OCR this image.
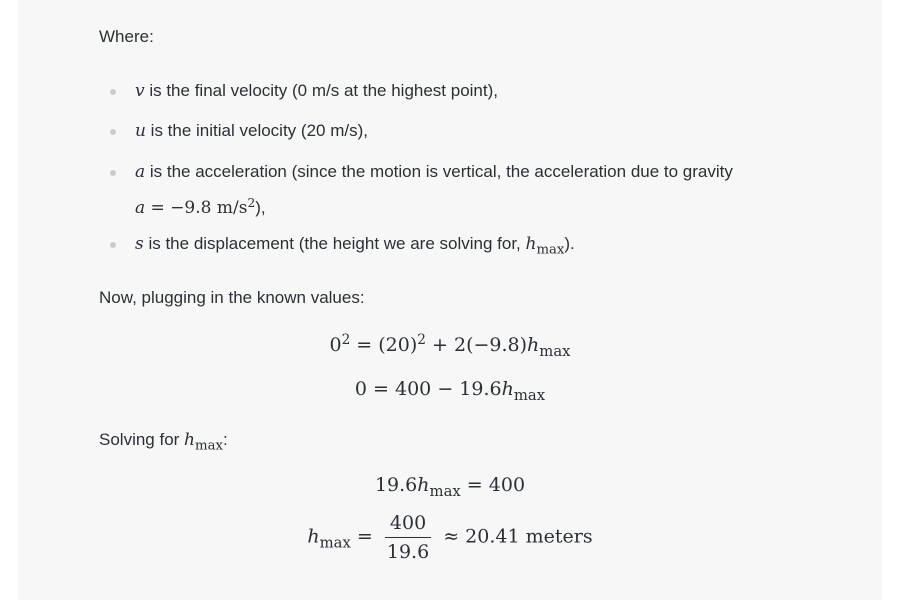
Where:
v is the final velocity (0 m/s at the highest point),
u is the initial velocity (20 m/s),
a is the acceleration (since the motion is vertical, the acceleration due to gravity
a = −9.8 $m/s^2$),
s is the displacement (the height we are solving for, $h_{max}$).
Now, plugging in the known values:
$0^2 = (20)^2 + 2(-9.8)h_{max}$
$0 = 400 - 19.6h_{max}$
Solving for $h_{max}$:
$19.6h_{max} = 400$
$h_{max} = \frac{400}{19.6} \approx 20.41$ meters
